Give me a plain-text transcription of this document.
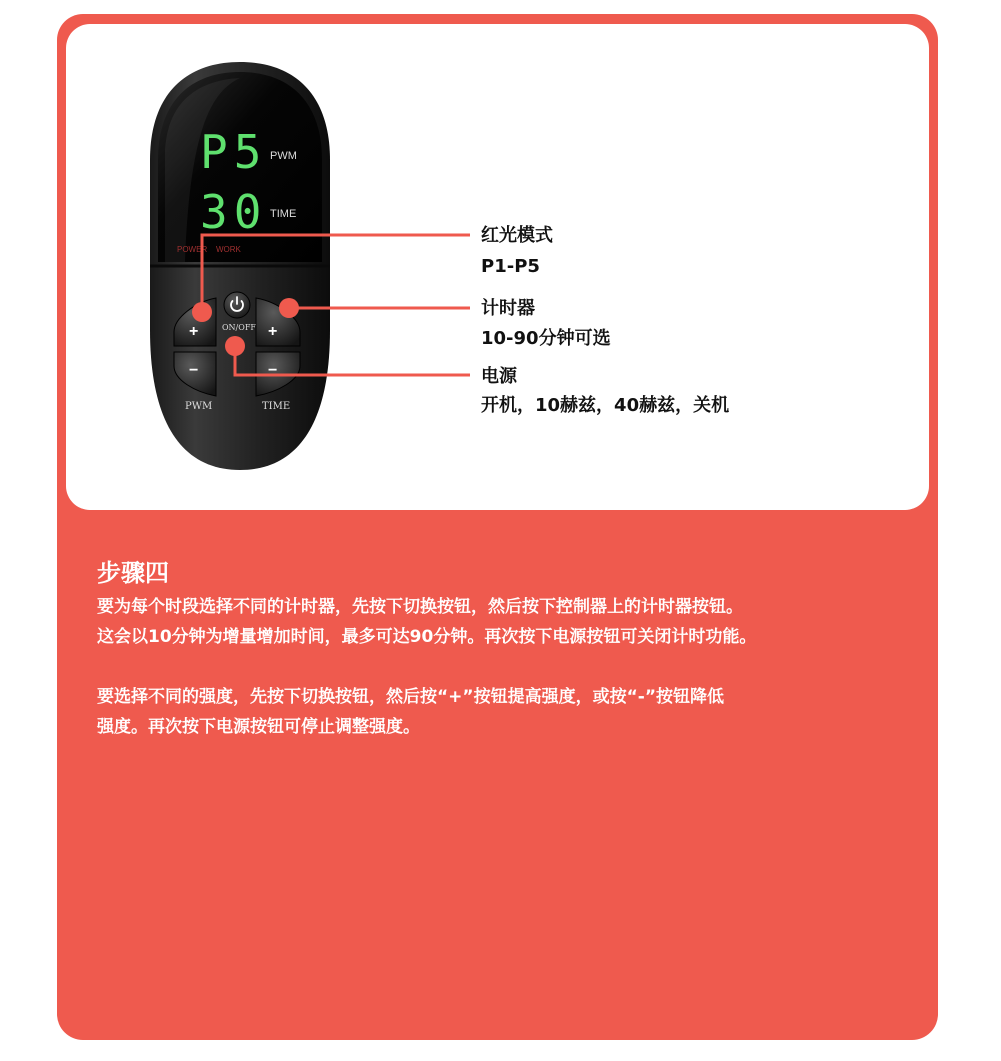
P5 PWM
30 TIME
POWER WORK
ON/OFF
+
−
PWM
+
−
TIME

红光模式

P1-P5

计时器

10-90分钟可选

电源

开机，10赫兹，40赫兹，关机

步骤四

要为每个时段选择不同的计时器，先按下切换按钮，然后按下控制器上的计时器按钮。
这会以10分钟为增量增加时间，最多可达90分钟。再次按下电源按钮可关闭计时功能。

要选择不同的强度，先按下切换按钮，然后按“+”按钮提高强度，或按“-”按钮降低
强度。再次按下电源按钮可停止调整强度。
